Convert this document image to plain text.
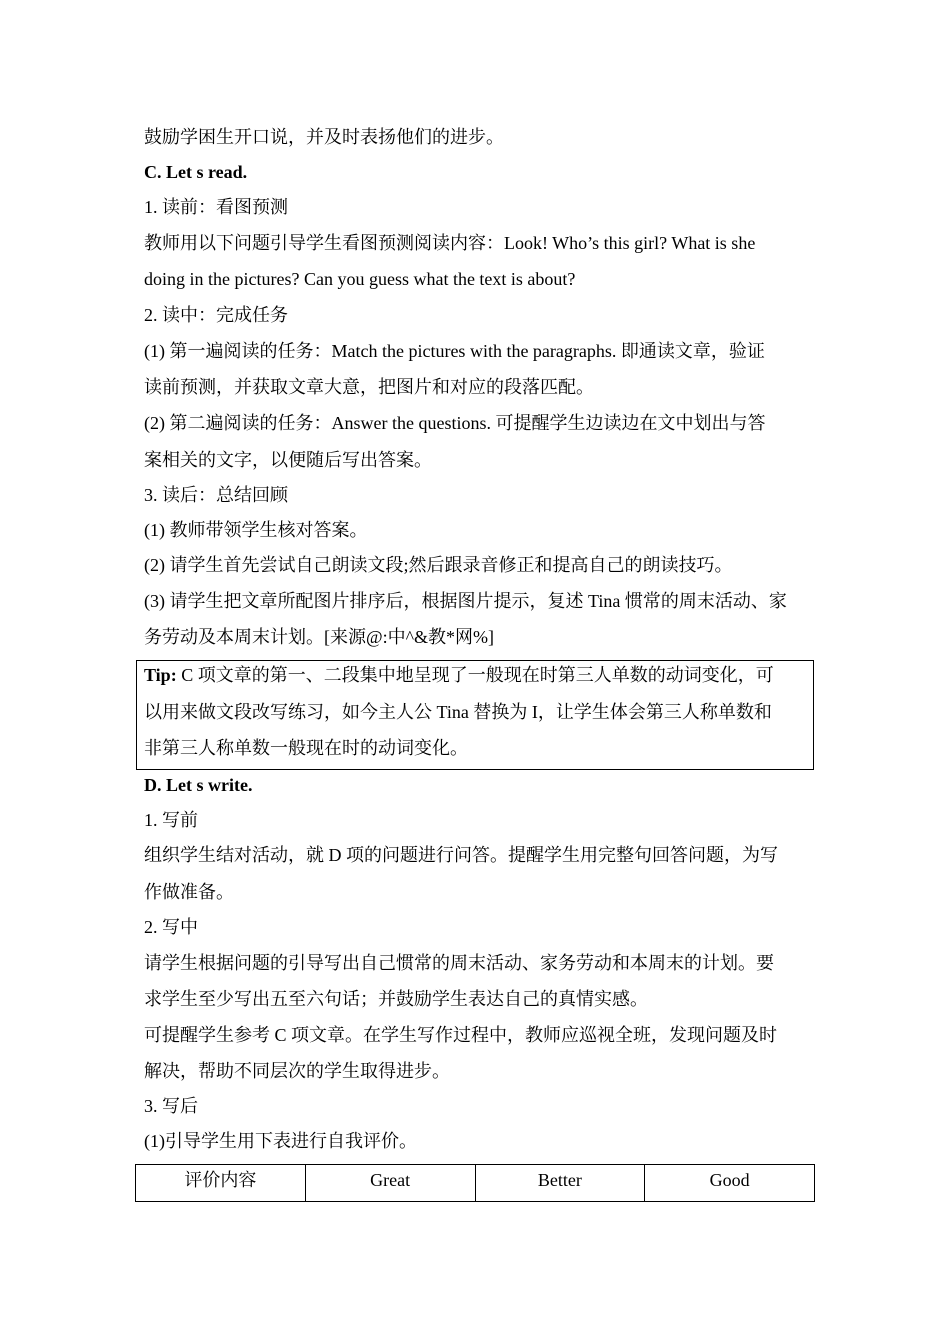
鼓励学困生开口说，并及时表扬他们的进步。
C. Let s read.
1. 读前：看图预测
教师用以下问题引导学生看图预测阅读内容：Look! Who’s this girl? What is she
doing in the pictures? Can you guess what the text is about?
2. 读中：完成任务
(1) 第一遍阅读的任务：Match the pictures with the paragraphs. 即通读文章，验证
读前预测，并获取文章大意，把图片和对应的段落匹配。
(2) 第二遍阅读的任务：Answer the questions. 可提醒学生边读边在文中划出与答
案相关的文字，以便随后写出答案。
3. 读后：总结回顾
(1) 教师带领学生核对答案。
(2) 请学生首先尝试自己朗读文段;然后跟录音修正和提高自己的朗读技巧。
(3) 请学生把文章所配图片排序后，根据图片提示，复述 Tina 惯常的周末活动、家
务劳动及本周末计划。[来源@:中^&教*网%]
Tip: C 项文章的第一、二段集中地呈现了一般现在时第三人单数的动词变化，可
以用来做文段改写练习，如今主人公 Tina 替换为 I，让学生体会第三人称单数和
非第三人称单数一般现在时的动词变化。
D. Let s write.
1. 写前
组织学生结对活动，就 D 项的问题进行问答。提醒学生用完整句回答问题，为写
作做准备。
2. 写中
请学生根据问题的引导写出自己惯常的周末活动、家务劳动和本周末的计划。要
求学生至少写出五至六句话；并鼓励学生表达自己的真情实感。
可提醒学生参考 C 项文章。在学生写作过程中，教师应巡视全班，发现问题及时
解决，帮助不同层次的学生取得进步。
3. 写后
(1)引导学生用下表进行自我评价。
评价内容	Great	Better	Good
